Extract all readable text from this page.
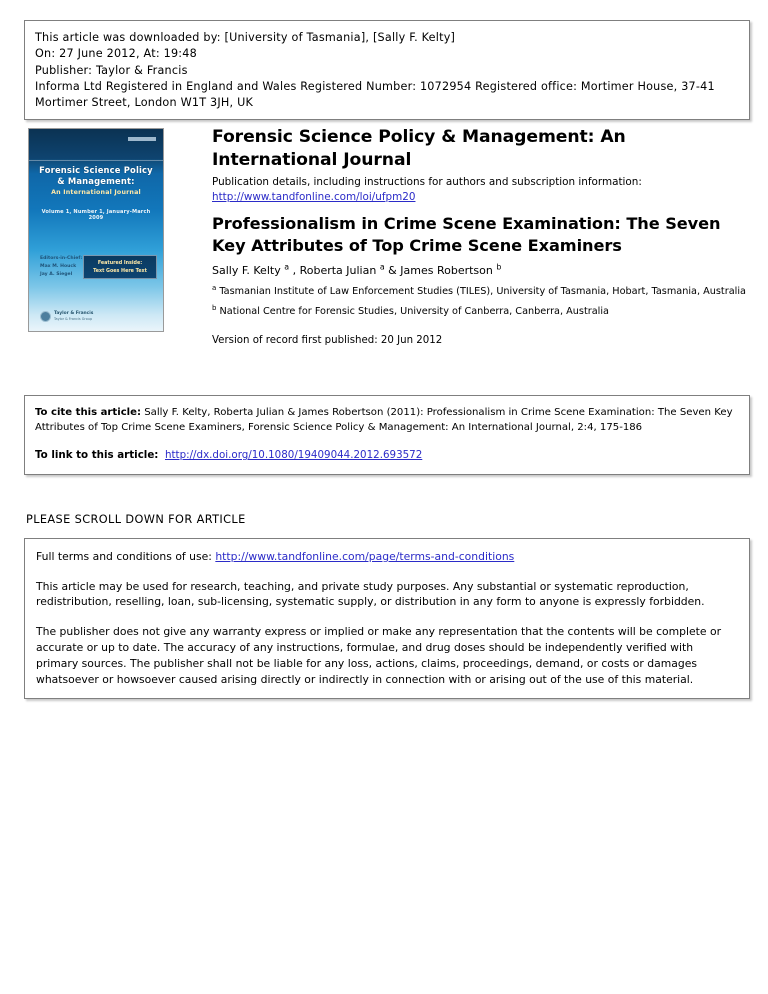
This article was downloaded by: [University of Tasmania], [Sally F. Kelty]
On: 27 June 2012, At: 19:48
Publisher: Taylor & Francis
Informa Ltd Registered in England and Wales Registered Number: 1072954 Registered office: Mortimer House, 37-41 Mortimer Street, London W1T 3JH, UK
Forensic Science Policy & Management:
An International Journal
Volume 1, Number 1, January-March 2009
Editors-in-Chief:
Max M. Houck
Jay A. Siegel
Featured Inside:
Text Goes Here Text
Taylor & Francis
Taylor & Francis Group
Forensic Science Policy & Management: An International Journal
Publication details, including instructions for authors and subscription information:
http://www.tandfonline.com/loi/ufpm20
Professionalism in Crime Scene Examination: The Seven Key Attributes of Top Crime Scene Examiners
Sally F. Kelty $^a$ , Roberta Julian $^a$ & James Robertson $^b$
$^a$ Tasmanian Institute of Law Enforcement Studies (TILES), University of Tasmania, Hobart, Tasmania, Australia
$^b$ National Centre for Forensic Studies, University of Canberra, Canberra, Australia
Version of record first published: 20 Jun 2012

To cite this article: Sally F. Kelty, Roberta Julian & James Robertson (2011): Professionalism in Crime Scene Examination: The Seven Key Attributes of Top Crime Scene Examiners, Forensic Science Policy & Management: An International Journal, 2:4, 175-186

To link to this article: http://dx.doi.org/10.1080/19409044.2012.693572

PLEASE SCROLL DOWN FOR ARTICLE

Full terms and conditions of use: http://www.tandfonline.com/page/terms-and-conditions

This article may be used for research, teaching, and private study purposes. Any substantial or systematic reproduction, redistribution, reselling, loan, sub-licensing, systematic supply, or distribution in any form to anyone is expressly forbidden.

The publisher does not give any warranty express or implied or make any representation that the contents will be complete or accurate or up to date. The accuracy of any instructions, formulae, and drug doses should be independently verified with primary sources. The publisher shall not be liable for any loss, actions, claims, proceedings, demand, or costs or damages whatsoever or howsoever caused arising directly or indirectly in connection with or arising out of the use of this material.
